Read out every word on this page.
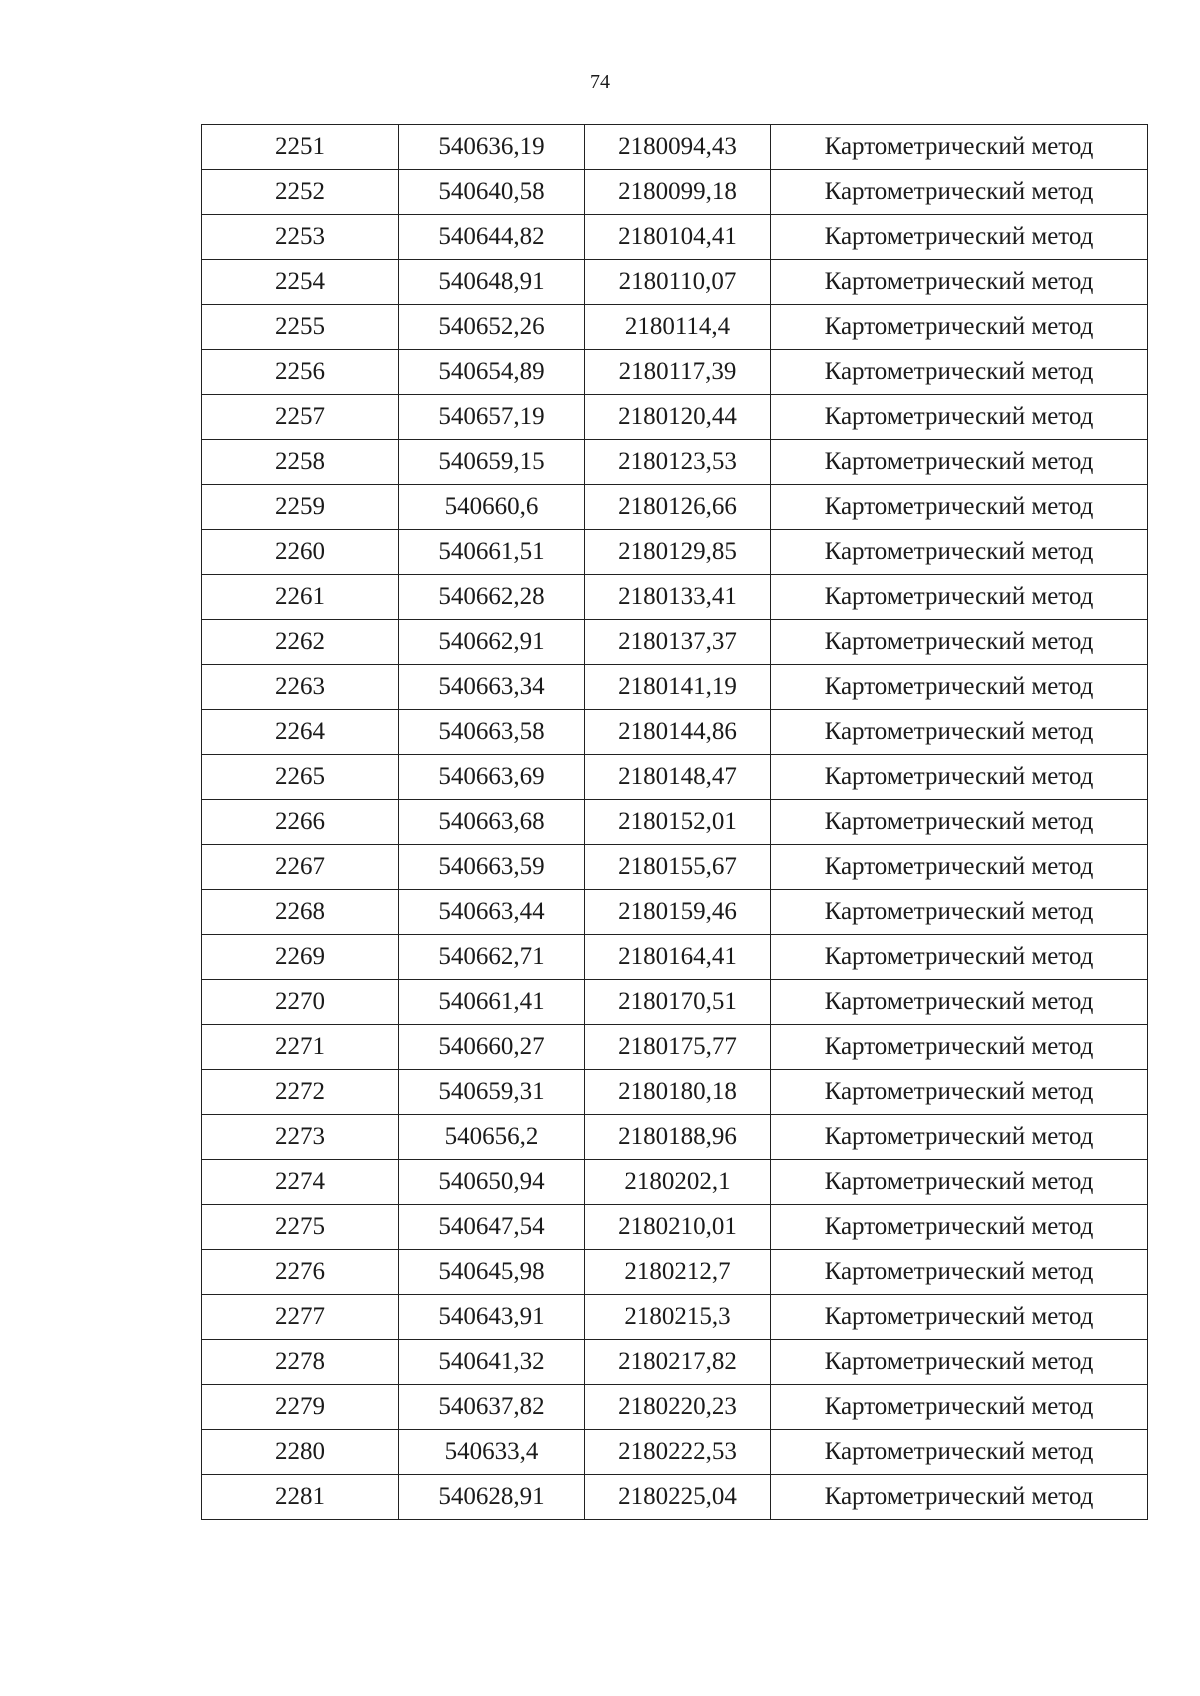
74
2251	540636,19	2180094,43	Картометрический метод
2252	540640,58	2180099,18	Картометрический метод
2253	540644,82	2180104,41	Картометрический метод
2254	540648,91	2180110,07	Картометрический метод
2255	540652,26	2180114,4	Картометрический метод
2256	540654,89	2180117,39	Картометрический метод
2257	540657,19	2180120,44	Картометрический метод
2258	540659,15	2180123,53	Картометрический метод
2259	540660,6	2180126,66	Картометрический метод
2260	540661,51	2180129,85	Картометрический метод
2261	540662,28	2180133,41	Картометрический метод
2262	540662,91	2180137,37	Картометрический метод
2263	540663,34	2180141,19	Картометрический метод
2264	540663,58	2180144,86	Картометрический метод
2265	540663,69	2180148,47	Картометрический метод
2266	540663,68	2180152,01	Картометрический метод
2267	540663,59	2180155,67	Картометрический метод
2268	540663,44	2180159,46	Картометрический метод
2269	540662,71	2180164,41	Картометрический метод
2270	540661,41	2180170,51	Картометрический метод
2271	540660,27	2180175,77	Картометрический метод
2272	540659,31	2180180,18	Картометрический метод
2273	540656,2	2180188,96	Картометрический метод
2274	540650,94	2180202,1	Картометрический метод
2275	540647,54	2180210,01	Картометрический метод
2276	540645,98	2180212,7	Картометрический метод
2277	540643,91	2180215,3	Картометрический метод
2278	540641,32	2180217,82	Картометрический метод
2279	540637,82	2180220,23	Картометрический метод
2280	540633,4	2180222,53	Картометрический метод
2281	540628,91	2180225,04	Картометрический метод
